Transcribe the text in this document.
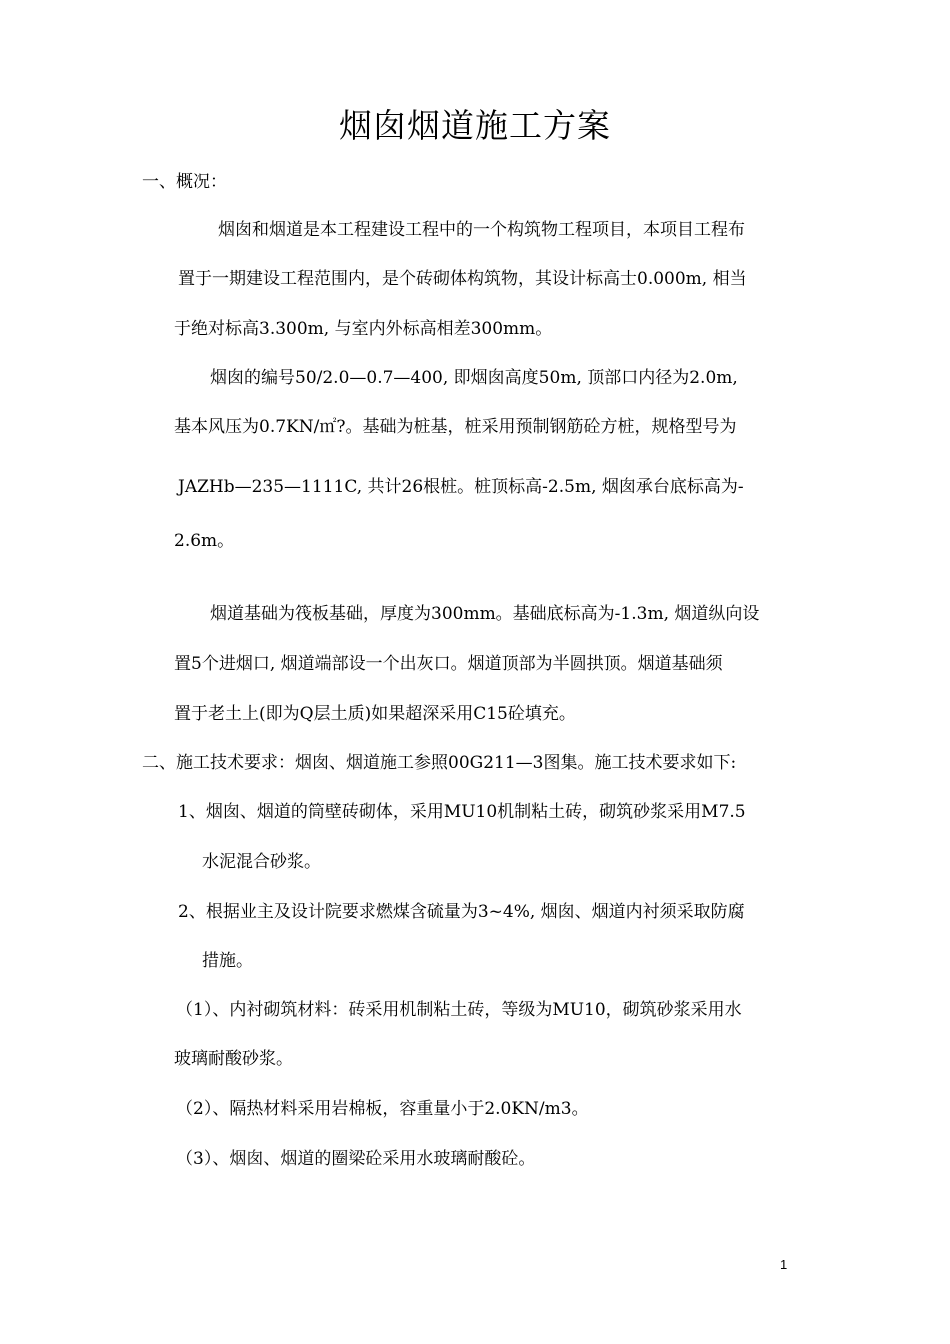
烟囱烟道施工方案
一、概况：
烟囱和烟道是本工程建设工程中的一个构筑物工程项目，本项目工程布
置于一期建设工程范围内，是个砖砌体构筑物，其设计标高士0.000m, 相当
于绝对标高3.300m, 与室内外标高相差300mm。
烟囱的编号50/2.0—0.7—400, 即烟囱高度50m, 顶部口内径为2.0m,
基本风压为0.7KN/㎡?。基础为桩基，桩采用预制钢筋砼方桩，规格型号为
JAZHb—235—1111C, 共计26根桩。桩顶标高-2.5m, 烟囱承台底标高为-
2.6m。
烟道基础为筏板基础，厚度为300mm。基础底标高为-1.3m, 烟道纵向设
置5个进烟口, 烟道端部设一个出灰口。烟道顶部为半圆拱顶。烟道基础须
置于老土上(即为Q层土质)如果超深采用C15砼填充。
二、施工技术要求：烟囱、烟道施工参照00G211—3图集。施工技术要求如下:
1、烟囱、烟道的筒壁砖砌体，采用MU10机制粘土砖，砌筑砂浆采用M7.5
水泥混合砂浆。
2、根据业主及设计院要求燃煤含硫量为3~4%, 烟囱、烟道内衬须采取防腐
措施。
（1）、内衬砌筑材料：砖采用机制粘土砖，等级为MU10，砌筑砂浆采用水
玻璃耐酸砂浆。
（2）、隔热材料采用岩棉板，容重量小于2.0KN/m3。
（3）、烟囱、烟道的圈梁砼采用水玻璃耐酸砼。
1
